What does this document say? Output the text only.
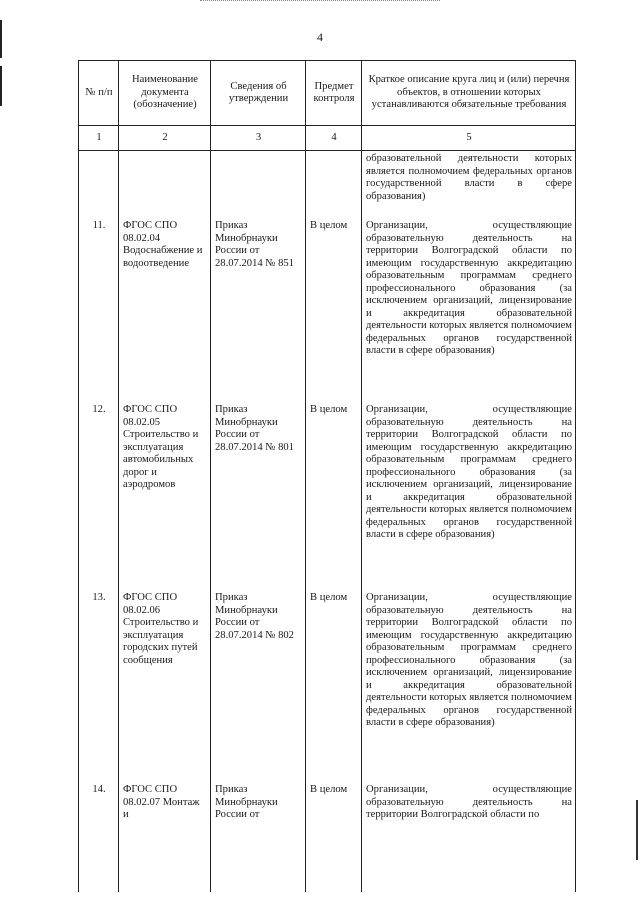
4
№ п/п	Наименование документа (обозначение)	Сведения об утверждении	Предмет контроля	Краткое описание круга лиц и (или) перечня объектов, в отношении которых устанавливаются обязательные требования
1	2	3	4	5
				образовательной деятельности которых является полномочием федеральных органов государственной власти в сфере образования)
11.	ФГОС СПО 08.02.04 Водоснабжение и водоотведение	Приказ Минобрнауки России от 28.07.2014 № 851	В целом	Организации, осуществляющие образовательную деятельность на территории Волгоградской области по имеющим государственную аккредитацию образовательным программам среднего профессионального образования (за исключением организаций, лицензирование и аккредитация образовательной деятельности которых является полномочием федеральных органов государственной власти в сфере образования)
12.	ФГОС СПО 08.02.05 Строительство и эксплуатация автомобильных дорог и аэродромов	Приказ Минобрнауки России от 28.07.2014 № 801	В целом	Организации, осуществляющие образовательную деятельность на территории Волгоградской области по имеющим государственную аккредитацию образовательным программам среднего профессионального образования (за исключением организаций, лицензирование и аккредитация образовательной деятельности которых является полномочием федеральных органов государственной власти в сфере образования)
13.	ФГОС СПО 08.02.06 Строительство и эксплуатация городских путей сообщения	Приказ Минобрнауки России от 28.07.2014 № 802	В целом	Организации, осуществляющие образовательную деятельность на территории Волгоградской области по имеющим государственную аккредитацию образовательным программам среднего профессионального образования (за исключением организаций, лицензирование и аккредитация образовательной деятельности которых является полномочием федеральных органов государственной власти в сфере образования)
14.	ФГОС СПО 08.02.07 Монтаж и	Приказ Минобрнауки России от	В целом	Организации, осуществляющие образовательную деятельность на территории Волгоградской области по
